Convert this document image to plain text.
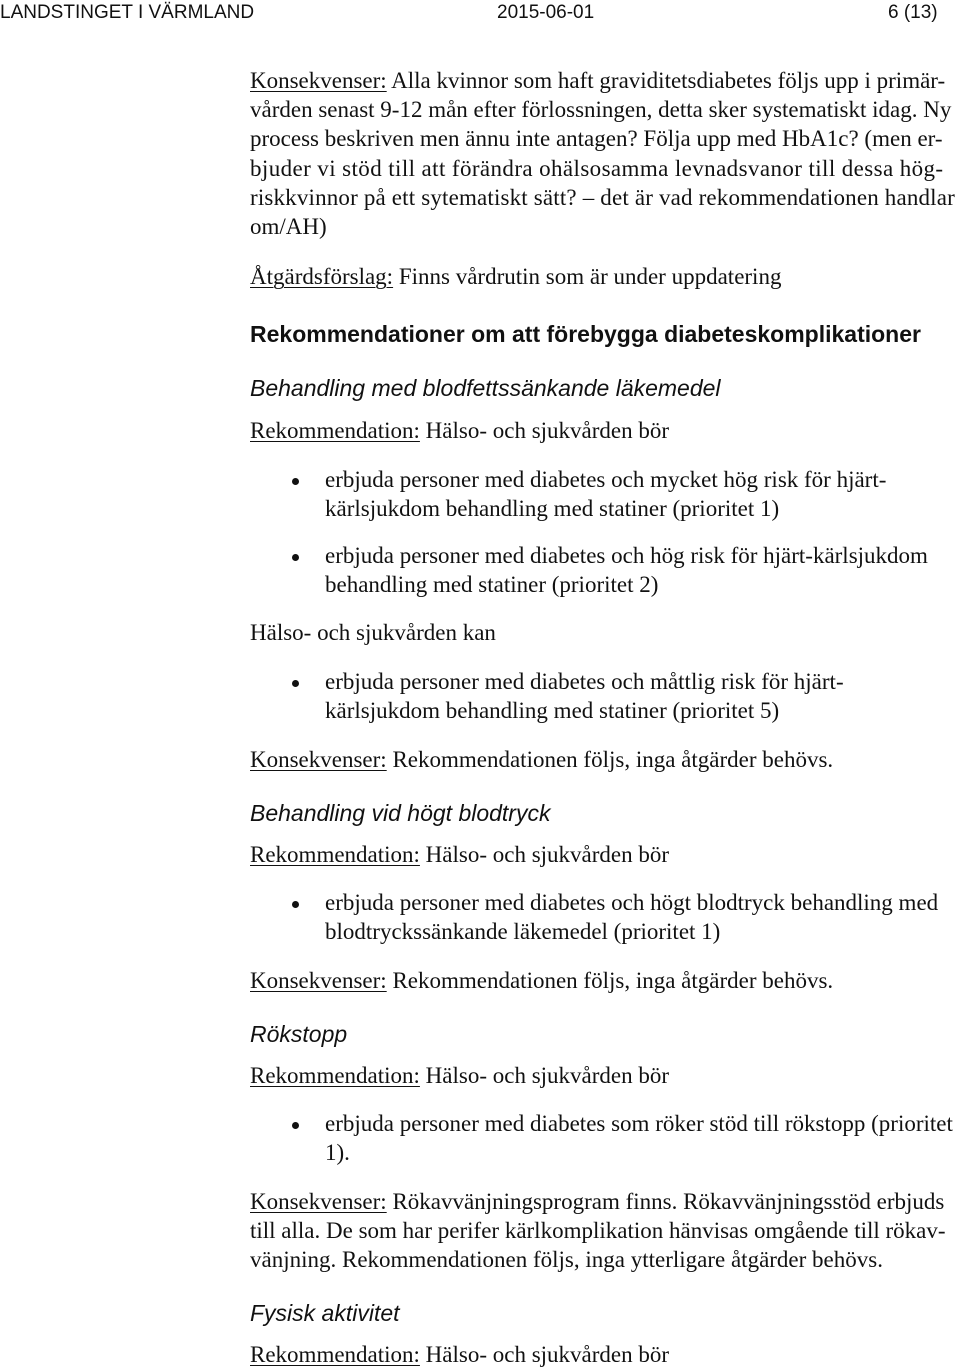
LANDSTINGET I VÄRMLAND	2015-06-01	6 (13)
Konsekvenser: Alla kvinnor som haft graviditetsdiabetes följs upp i primär-
vården senast 9-12 mån efter förlossningen, detta sker systematiskt idag. Ny
process beskriven men ännu inte antagen? Följa upp med HbA1c? (men er-
bjuder vi stöd till att förändra ohälsosamma levnadsvanor till dessa hög-
riskkvinnor på ett sytematiskt sätt? – det är vad rekommendationen handlar
om/AH)
Åtgärdsförslag: Finns vårdrutin som är under uppdatering
Rekommendationer om att förebygga diabeteskomplikationer
Behandling med blodfettssänkande läkemedel
Rekommendation: Hälso- och sjukvården bör
erbjuda personer med diabetes och mycket hög risk för hjärt-
kärlsjukdom behandling med statiner (prioritet 1)
erbjuda personer med diabetes och hög risk för hjärt-kärlsjukdom
behandling med statiner (prioritet 2)
Hälso- och sjukvården kan
erbjuda personer med diabetes och måttlig risk för hjärt-
kärlsjukdom behandling med statiner (prioritet 5)
Konsekvenser: Rekommendationen följs, inga åtgärder behövs.
Behandling vid högt blodtryck
Rekommendation: Hälso- och sjukvården bör
erbjuda personer med diabetes och högt blodtryck behandling med
blodtryckssänkande läkemedel (prioritet 1)
Konsekvenser: Rekommendationen följs, inga åtgärder behövs.
Rökstopp
Rekommendation: Hälso- och sjukvården bör
erbjuda personer med diabetes som röker stöd till rökstopp (prioritet
1).
Konsekvenser: Rökavvänjningsprogram finns. Rökavvänjningsstöd erbjuds
till alla. De som har perifer kärlkomplikation hänvisas omgående till rökav-
vänjning. Rekommendationen följs, inga ytterligare åtgärder behövs.
Fysisk aktivitet
Rekommendation: Hälso- och sjukvården bör
